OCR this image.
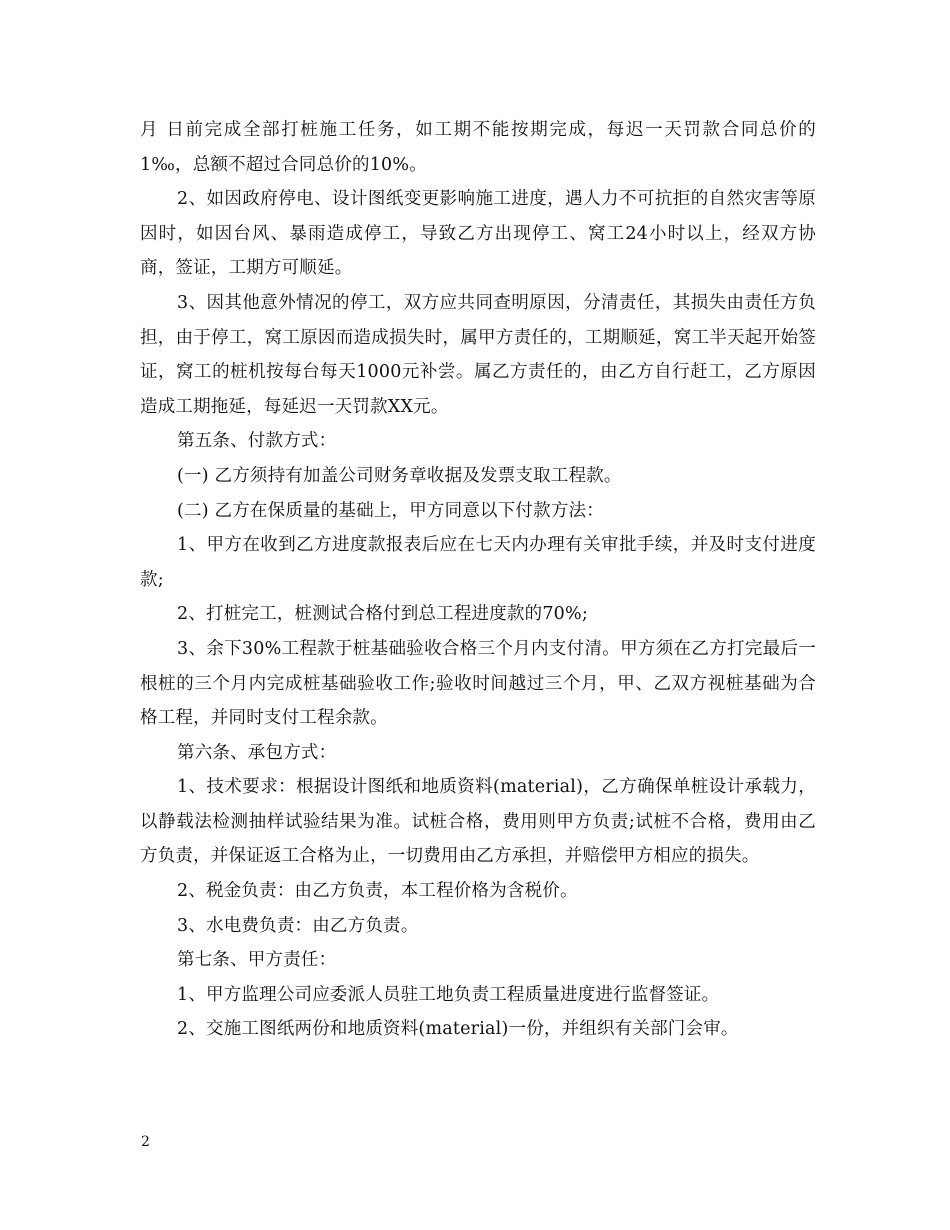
月 日前完成全部打桩施工任务，如工期不能按期完成，每迟一天罚款合同总价的1‰，总额不超过合同总价的10%。

2、如因政府停电、设计图纸变更影响施工进度，遇人力不可抗拒的自然灾害等原因时，如因台风、暴雨造成停工，导致乙方出现停工、窝工24小时以上，经双方协商，签证，工期方可顺延。

3、因其他意外情况的停工，双方应共同查明原因，分清责任，其损失由责任方负担，由于停工，窝工原因而造成损失时，属甲方责任的，工期顺延，窝工半天起开始签证，窝工的桩机按每台每天1000元补尝。属乙方责任的，由乙方自行赶工，乙方原因造成工期拖延，每延迟一天罚款XX元。

第五条、付款方式：

(一) 乙方须持有加盖公司财务章收据及发票支取工程款。

(二) 乙方在保质量的基础上，甲方同意以下付款方法：

1、甲方在收到乙方进度款报表后应在七天内办理有关审批手续，并及时支付进度款;

2、打桩完工，桩测试合格付到总工程进度款的70%;

3、余下30%工程款于桩基础验收合格三个月内支付清。甲方须在乙方打完最后一根桩的三个月内完成桩基础验收工作;验收时间越过三个月，甲、乙双方视桩基础为合格工程，并同时支付工程余款。

第六条、承包方式：

1、技术要求：根据设计图纸和地质资料(material)，乙方确保单桩设计承载力，以静载法检测抽样试验结果为准。试桩合格，费用则甲方负责;试桩不合格，费用由乙方负责，并保证返工合格为止，一切费用由乙方承担，并赔偿甲方相应的损失。

2、税金负责：由乙方负责，本工程价格为含税价。

3、水电费负责：由乙方负责。

第七条、甲方责任：

1、甲方监理公司应委派人员驻工地负责工程质量进度进行监督签证。

2、交施工图纸两份和地质资料(material)一份，并组织有关部门会审。

2
